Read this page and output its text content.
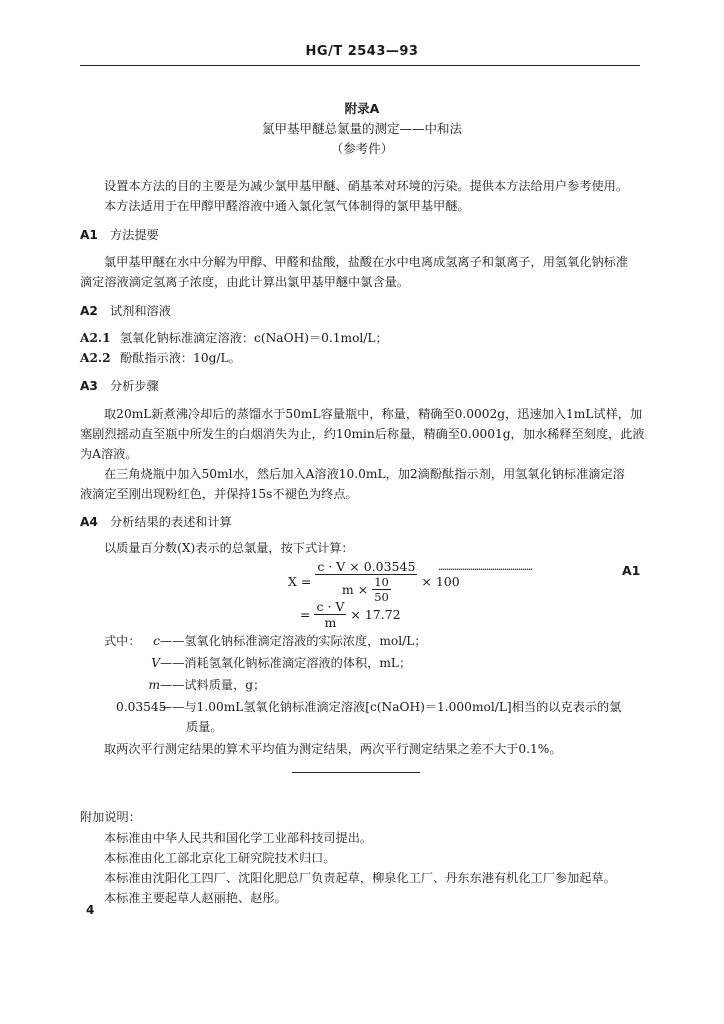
HG/T 2543—93
附录A
氯甲基甲醚总氯量的测定——中和法
（参考件）

设置本方法的目的主要是为减少氯甲基甲醚、硝基苯对环境的污染。提供本方法给用户参考使用。

本方法适用于在甲醇甲醛溶液中通入氯化氢气体制得的氯甲基甲醚。

A1 方法提要

氯甲基甲醚在水中分解为甲醇、甲醛和盐酸，盐酸在水中电离成氢离子和氯离子，用氢氧化钠标准

滴定溶液滴定氢离子浓度，由此计算出氯甲基甲醚中氯含量。

A2 试剂和溶液

A2.1 氢氧化钠标准滴定溶液：c(NaOH)＝0.1mol/L；

A2.2 酚酞指示液：10g/L。

A3 分析步骤

取20mL新煮沸冷却后的蒸馏水于50mL容量瓶中，称量，精确至0.0002g，迅速加入1mL试样，加

塞剧烈摇动直至瓶中所发生的白烟消失为止，约10min后称量，精确至0.0001g，加水稀释至刻度，此液

为A溶液。

在三角烧瓶中加入50ml水，然后加入A溶液10.0mL，加2滴酚酞指示剂，用氢氧化钠标准滴定溶

液滴定至刚出现粉红色，并保持15s不褪色为终点。

A4 分析结果的表述和计算

以质量百分数(X)表示的总氯量，按下式计算：

$X = \frac{c \cdot V \times 0.03545}{m \times \frac{10}{50}} \times 100$
···············································	A1
= $\frac{c \cdot V}{m} \times 17.72$

式中：	c——氢氧化钠标准滴定溶液的实际浓度，mol/L；

V——消耗氢氧化钠标准滴定溶液的体积，mL；

m——试料质量，g；

0.03545——与1.00mL氢氧化钠标准滴定溶液[c(NaOH)＝1.000mol/L]相当的以克表示的氯

质量。

取两次平行测定结果的算术平均值为测定结果，两次平行测定结果之差不大于0.1%。

附加说明：

本标准由中华人民共和国化学工业部科技司提出。

本标准由化工部北京化工研究院技术归口。

本标准由沈阳化工四厂、沈阳化肥总厂负责起草，柳泉化工厂、丹东东港有机化工厂参加起草。

本标准主要起草人赵丽艳、赵彤。

4
